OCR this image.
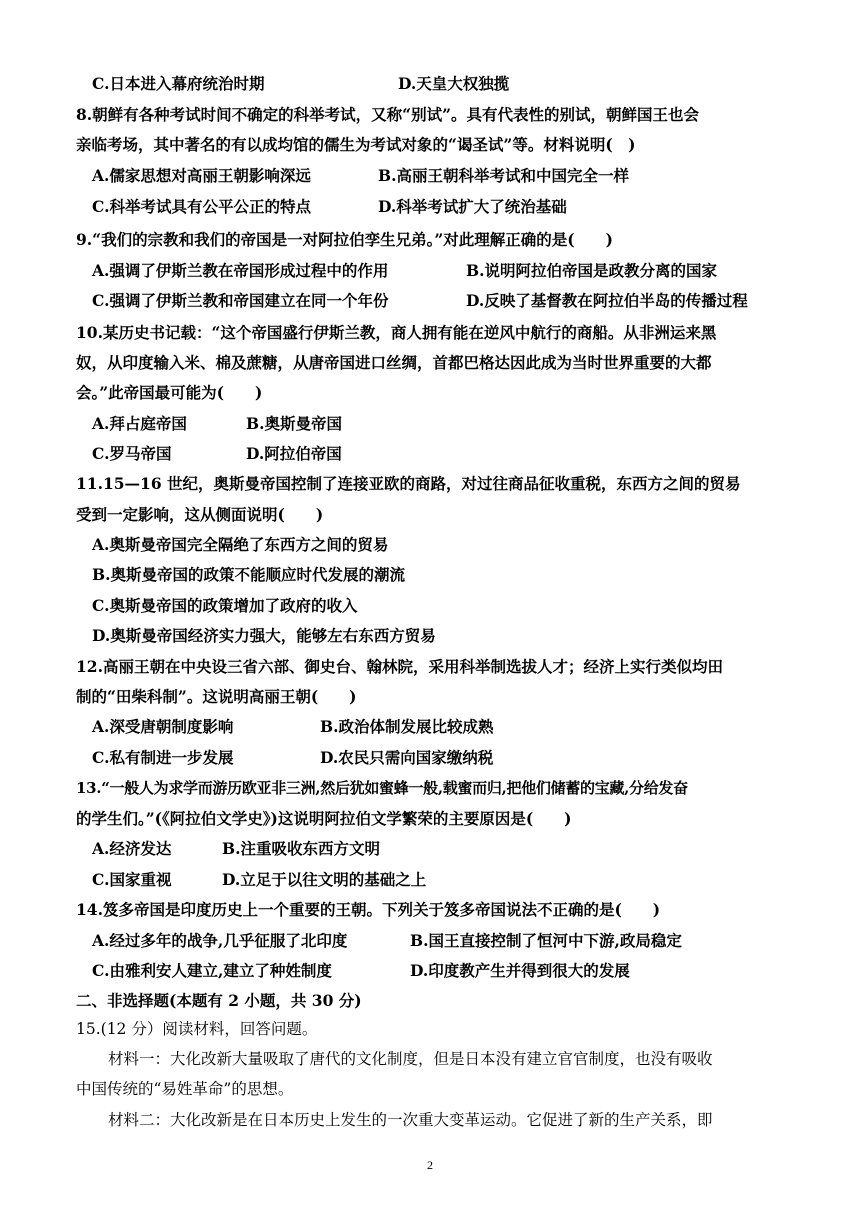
C.日本进入幕府统治时期	D.天皇大权独揽
8.朝鲜有各种考试时间不确定的科举考试，又称“别试”。具有代表性的别试，朝鲜国王也会
亲临考场，其中著名的有以成均馆的儒生为考试对象的“谒圣试”等。材料说明(　)
A.儒家思想对高丽王朝影响深远	B.高丽王朝科举考试和中国完全一样
C.科举考试具有公平公正的特点	D.科举考试扩大了统治基础
9.“我们的宗教和我们的帝国是一对阿拉伯孪生兄弟。”对此理解正确的是(　　)
A.强调了伊斯兰教在帝国形成过程中的作用	B.说明阿拉伯帝国是政教分离的国家
C.强调了伊斯兰教和帝国建立在同一个年份	D.反映了基督教在阿拉伯半岛的传播过程
10.某历史书记载：“这个帝国盛行伊斯兰教，商人拥有能在逆风中航行的商船。从非洲运来黑
奴，从印度输入米、棉及蔗糖，从唐帝国进口丝绸，首都巴格达因此成为当时世界重要的大都
会。”此帝国最可能为(　　)
A.拜占庭帝国	B.奥斯曼帝国
C.罗马帝国	D.阿拉伯帝国
11.15—16 世纪，奥斯曼帝国控制了连接亚欧的商路，对过往商品征收重税，东西方之间的贸易
受到一定影响，这从侧面说明(　　)
A.奥斯曼帝国完全隔绝了东西方之间的贸易
B.奥斯曼帝国的政策不能顺应时代发展的潮流
C.奥斯曼帝国的政策增加了政府的收入
D.奥斯曼帝国经济实力强大，能够左右东西方贸易
12.高丽王朝在中央设三省六部、御史台、翰林院，采用科举制选拔人才；经济上实行类似均田
制的“田柴科制”。这说明高丽王朝(　　)
A.深受唐朝制度影响	B.政治体制发展比较成熟
C.私有制进一步发展	D.农民只需向国家缴纳税
13.“一般人为求学而游历欧亚非三洲,然后犹如蜜蜂一般,载蜜而归,把他们储蓄的宝藏,分给发奋
的学生们。”(《阿拉伯文学史》)这说明阿拉伯文学繁荣的主要原因是(　　)
A.经济发达	B.注重吸收东西方文明
C.国家重视	D.立足于以往文明的基础之上
14.笈多帝国是印度历史上一个重要的王朝。下列关于笈多帝国说法不正确的是(　　)
A.经过多年的战争,几乎征服了北印度	B.国王直接控制了恒河中下游,政局稳定
C.由雅利安人建立,建立了种姓制度	D.印度教产生并得到很大的发展
二、非选择题(本题有 2 小题，共 30 分)
15.(12 分）阅读材料，回答问题。
材料一：大化改新大量吸取了唐代的文化制度，但是日本没有建立官官制度，也没有吸收
中国传统的“易姓革命”的思想。
材料二：大化改新是在日本历史上发生的一次重大变革运动。它促进了新的生产关系，即
2
